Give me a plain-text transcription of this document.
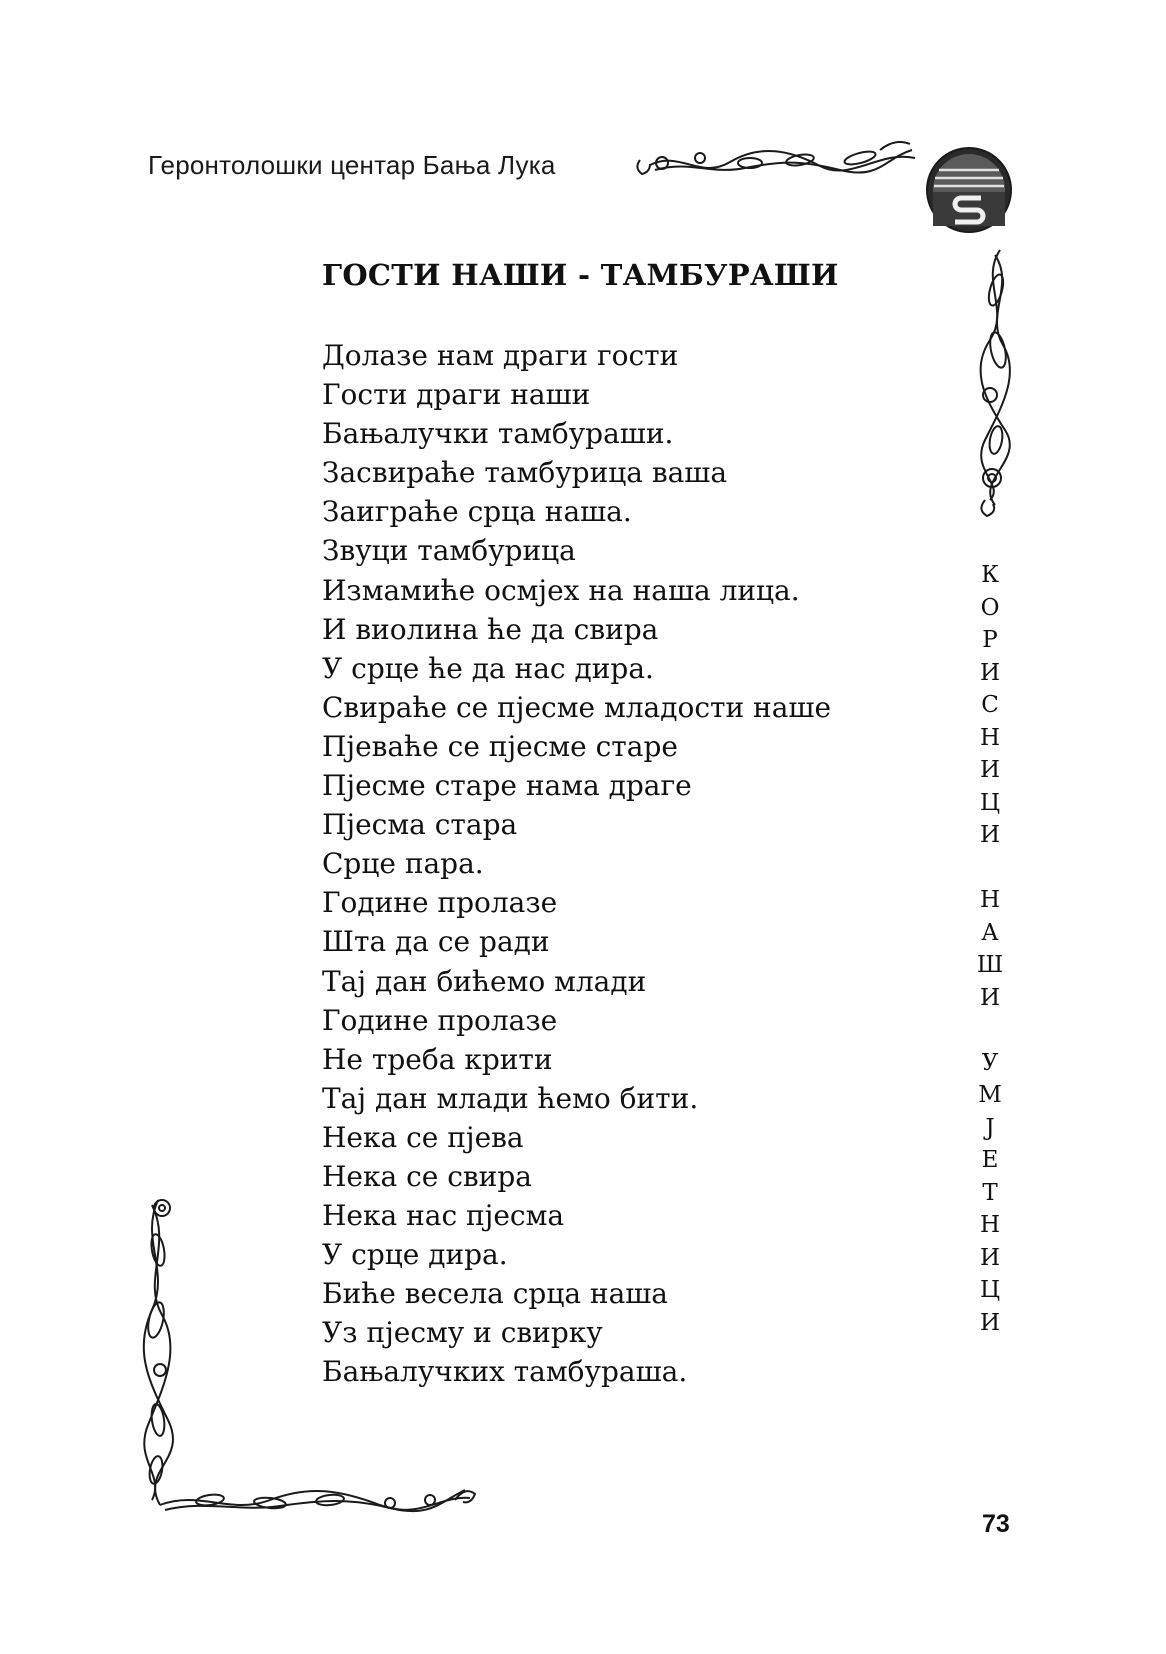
Геронтолошки центар Бања Лука
ГОСТИ НАШИ - ТАМБУРАШИ
Долазе нам драги гости
Гости драги наши
Бањалучки тамбураши.
Засвираће тамбурица ваша
Заиграће срца наша.
Звуци тамбурица
Измамиће осмјех на наша лица.
И виолина ће да свира
У срце ће да нас дира.
Свираће се пјесме младости наше
Пјеваће се пјесме старе
Пјесме старе нама драге
Пјесма стара
Срце пара.
Године пролазе
Шта да се ради
Тај дан бићемо млади
Године пролазе
Не треба крити
Тај дан млади ћемо бити.
Нека се пјева
Нека се свира
Нека нас пјесма
У срце дира.
Биће весела срца наша
Уз пјесму и свирку
Бањалучких тамбураша.
К
О
Р
И
С
Н
И
Ц
И
Н
А
Ш
И
У
М
Ј
Е
Т
Н
И
Ц
И
73
